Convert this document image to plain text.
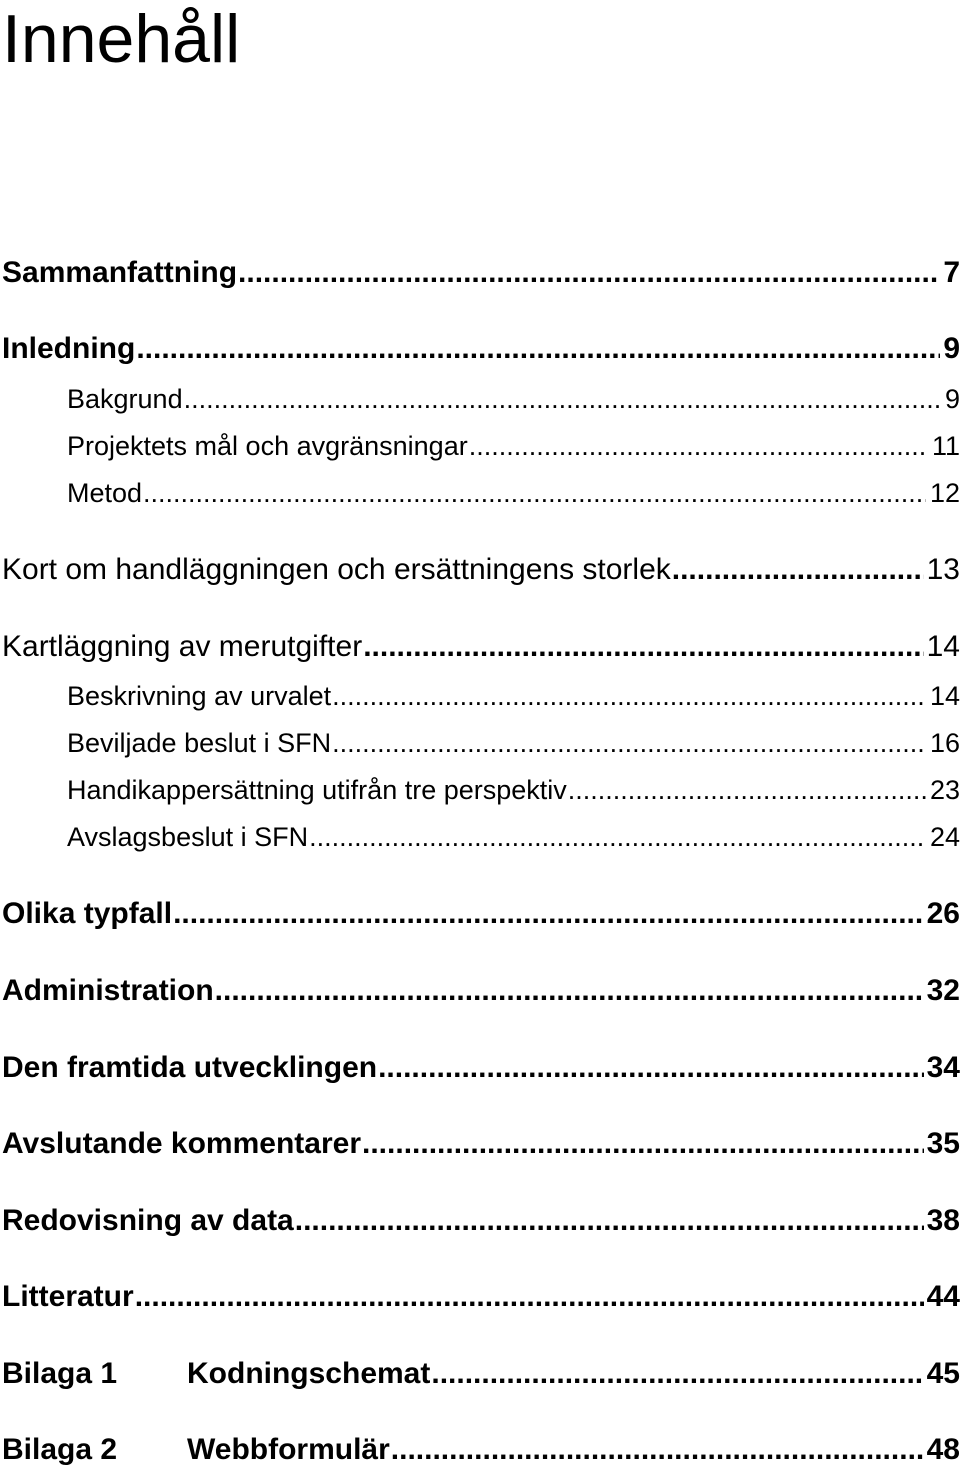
Innehåll
Sammanfattning .....	7
Inledning .....	9
Bakgrund .....	9
Projektets mål och avgränsningar .....	11
Metod .....	12
Kort om handläggningen och ersättningens storlek .....	13
Kartläggning av merutgifter .....	14
Beskrivning av urvalet .....	14
Beviljade beslut i SFN .....	16
Handikappersättning utifrån tre perspektiv .....	23
Avslagsbeslut i SFN .....	24
Olika typfall .....	26
Administration .....	32
Den framtida utvecklingen .....	34
Avslutande kommentarer .....	35
Redovisning av data .....	38
Litteratur .....	44
Bilaga 1 Kodningschemat .....	45
Bilaga 2 Webbformulär .....	48
